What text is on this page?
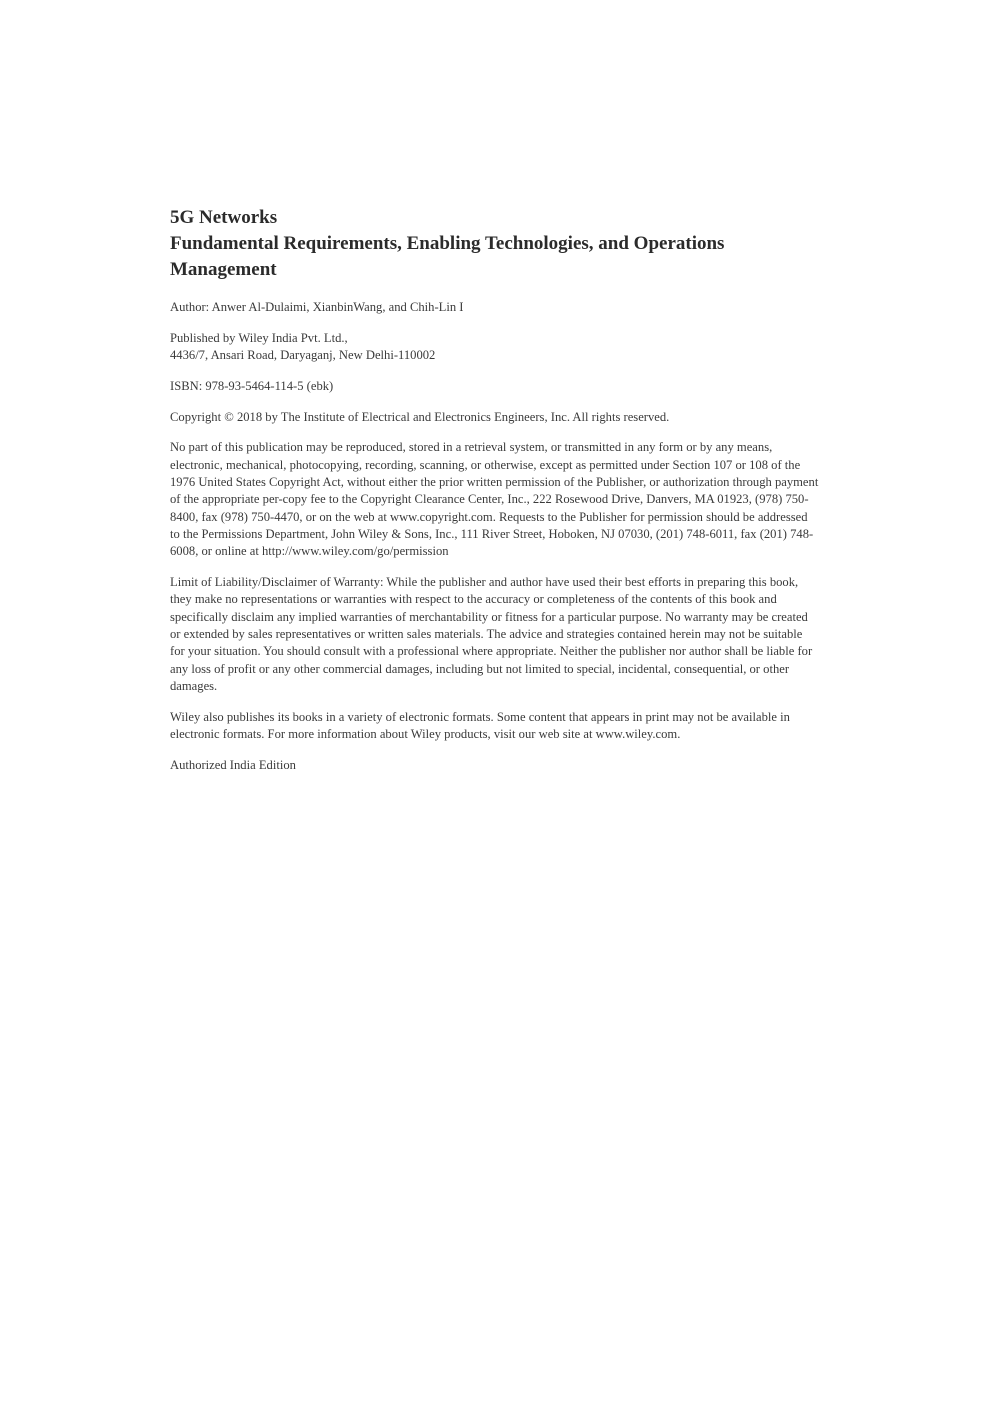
5G Networks
Fundamental Requirements, Enabling Technologies, and Operations Management

Author: Anwer Al-Dulaimi, XianbinWang, and Chih-Lin I

Published by Wiley India Pvt. Ltd.,
4436/7, Ansari Road, Daryaganj, New Delhi-110002

ISBN: 978-93-5464-114-5 (ebk)

Copyright © 2018 by The Institute of Electrical and Electronics Engineers, Inc. All rights reserved.

No part of this publication may be reproduced, stored in a retrieval system, or transmitted in any form or by any means, electronic, mechanical, photocopying, recording, scanning, or otherwise, except as permitted under Section 107 or 108 of the 1976 United States Copyright Act, without either the prior written permission of the Publisher, or authorization through payment of the appropriate per-copy fee to the Copyright Clearance Center, Inc., 222 Rosewood Drive, Danvers, MA 01923, (978) 750-8400, fax (978) 750-4470, or on the web at www.copyright.com. Requests to the Publisher for permission should be addressed to the Permissions Department, John Wiley & Sons, Inc., 111 River Street, Hoboken, NJ 07030, (201) 748-6011, fax (201) 748-6008, or online at http://www.wiley.com/go/permission

Limit of Liability/Disclaimer of Warranty: While the publisher and author have used their best efforts in preparing this book, they make no representations or warranties with respect to the accuracy or completeness of the contents of this book and specifically disclaim any implied warranties of merchantability or fitness for a particular purpose. No warranty may be created or extended by sales representatives or written sales materials. The advice and strategies contained herein may not be suitable for your situation. You should consult with a professional where appropriate. Neither the publisher nor author shall be liable for any loss of profit or any other commercial damages, including but not limited to special, incidental, consequential, or other damages.

Wiley also publishes its books in a variety of electronic formats. Some content that appears in print may not be available in electronic formats. For more information about Wiley products, visit our web site at www.wiley.com.

Authorized India Edition
